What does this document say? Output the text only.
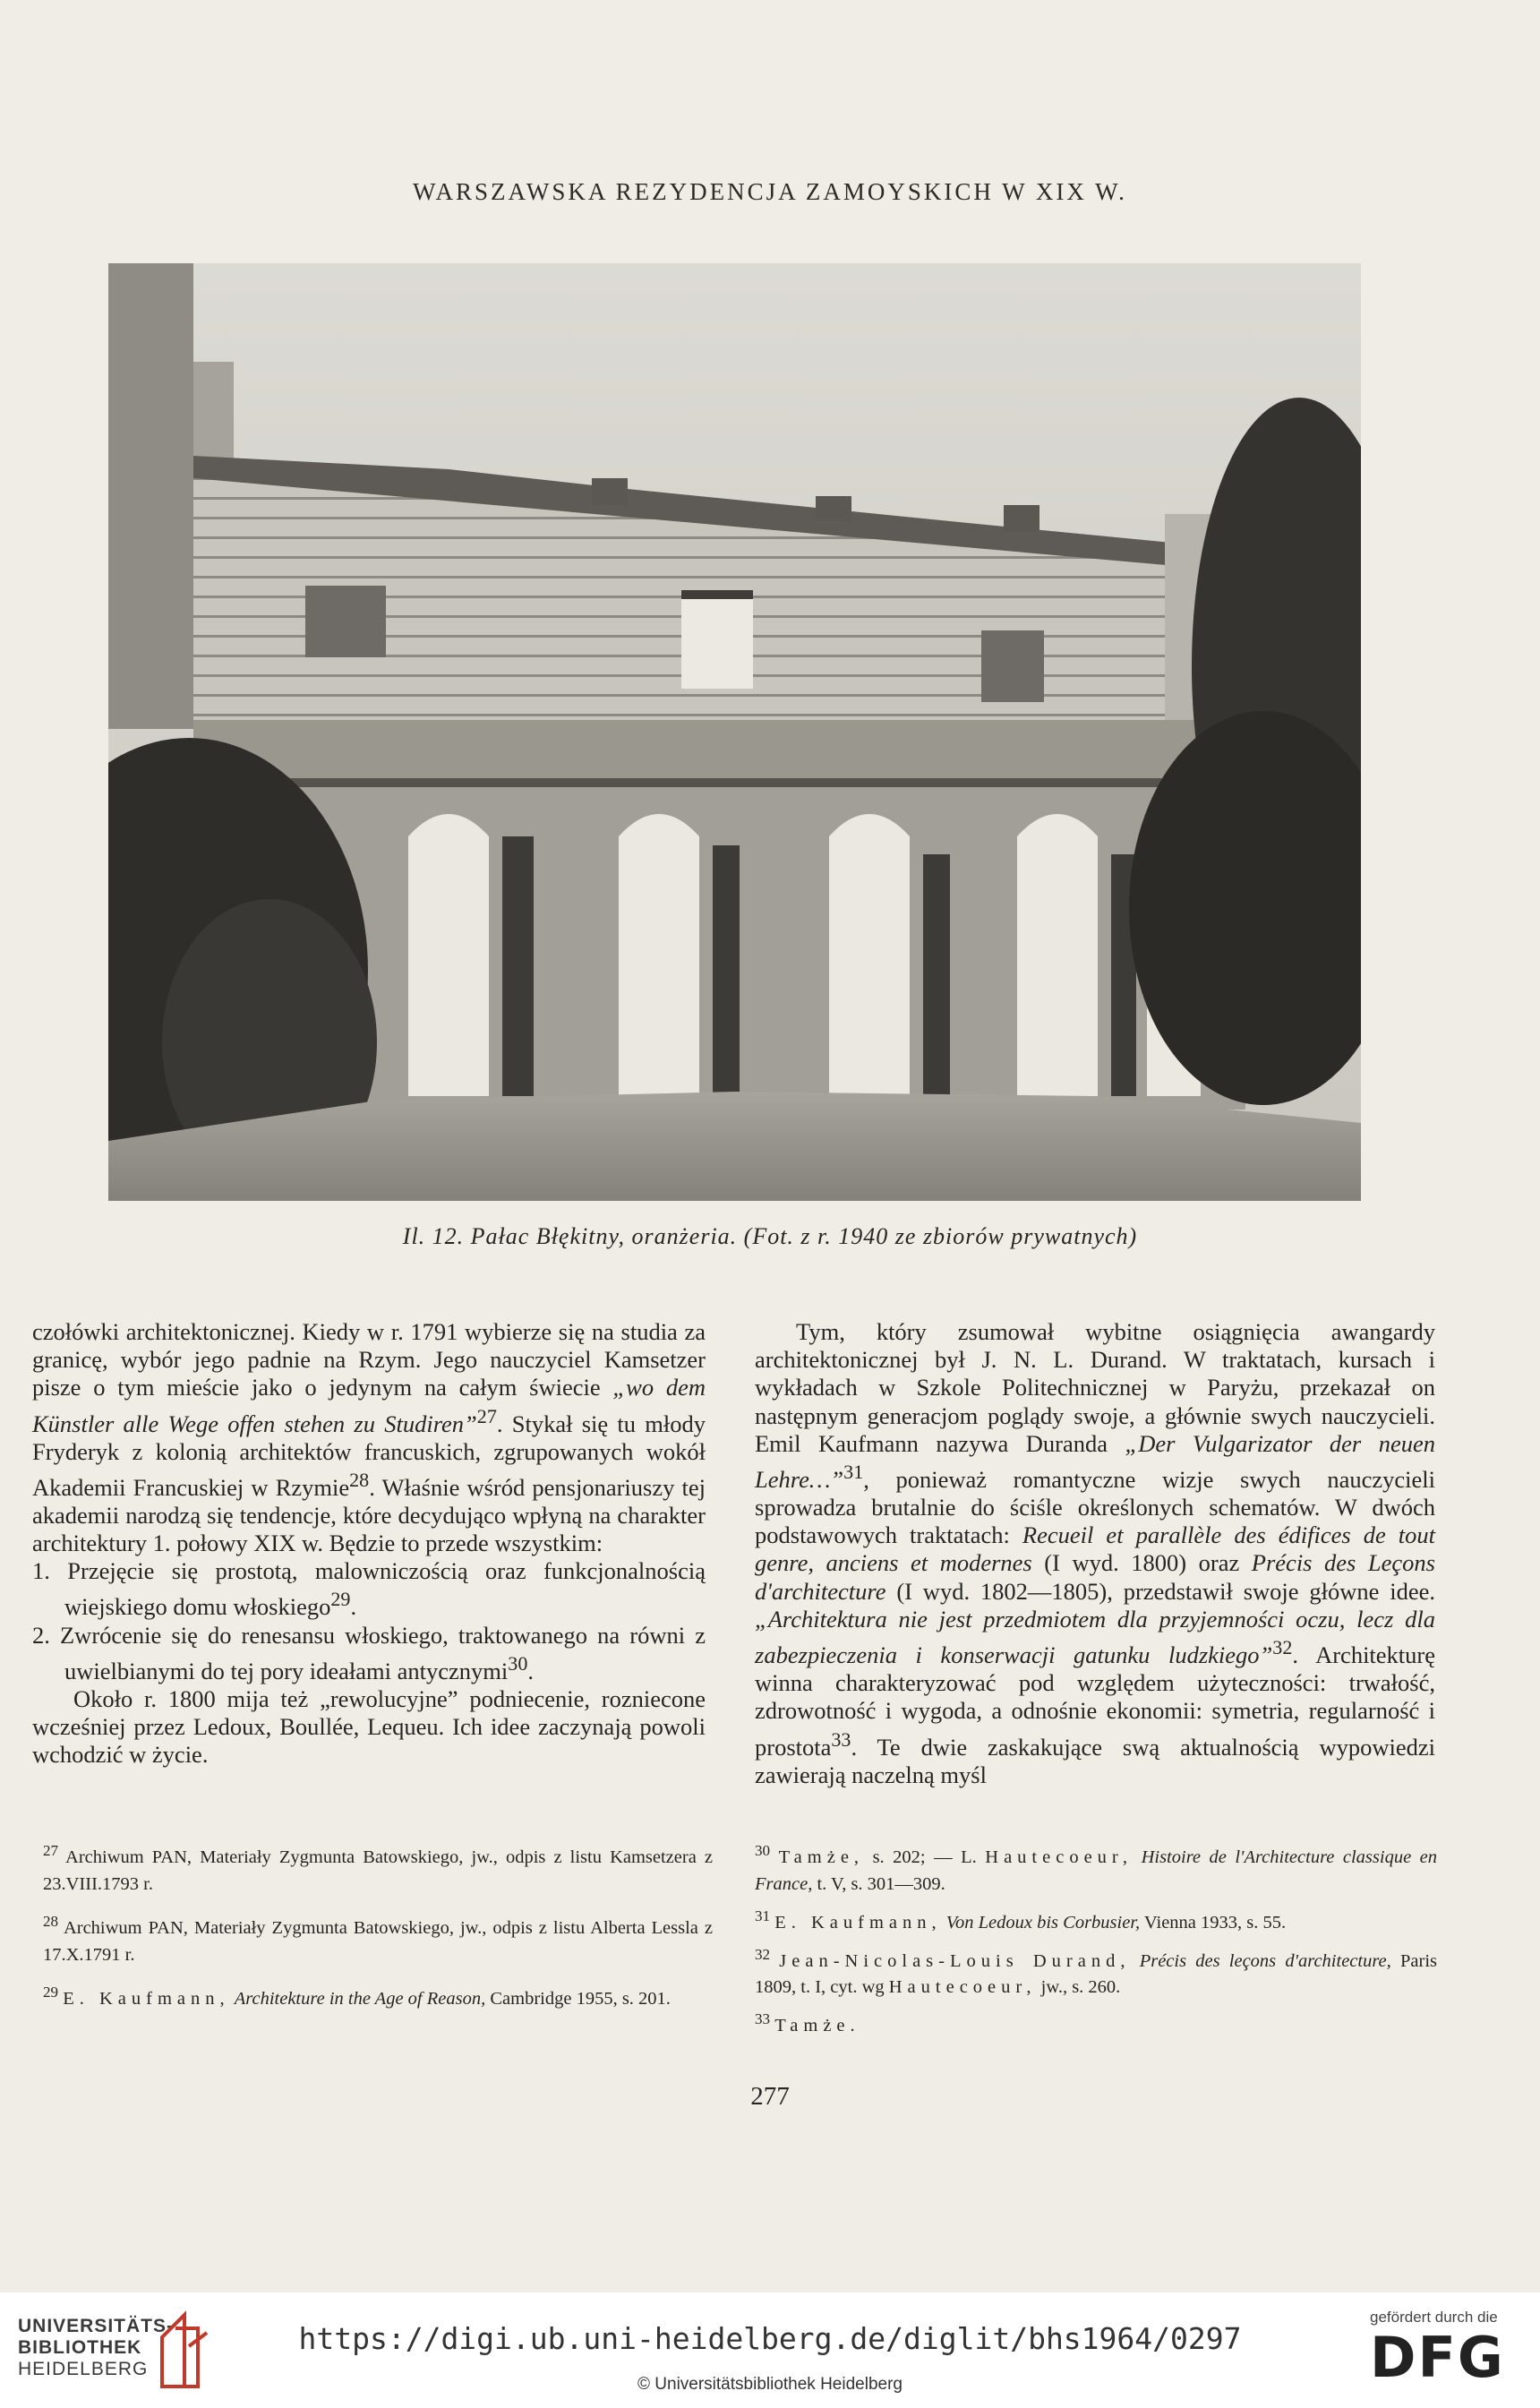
WARSZAWSKA REZYDENCJA ZAMOYSKICH W XIX W.
Il. 12. Pałac Błękitny, oranżeria. (Fot. z r. 1940 ze zbiorów prywatnych)

czołówki architektonicznej. Kiedy w r. 1791 wybierze się na studia za granicę, wybór jego padnie na Rzym. Jego nauczyciel Kamsetzer pisze o tym mieście jako o jedynym na całym świecie „wo dem Künstler alle Wege offen stehen zu Studiren”$^{27}$. Stykał się tu młody Fryderyk z kolonią architektów francuskich, zgrupowanych wokół Akademii Francuskiej w Rzymie$^{28}$. Właśnie wśród pensjonariuszy tej akademii narodzą się tendencje, które decydująco wpłyną na charakter architektury 1. połowy XIX w. Będzie to przede wszystkim:

1. Przejęcie się prostotą, malowniczością oraz funkcjonalnością wiejskiego domu włoskiego$^{29}$.

2. Zwrócenie się do renesansu włoskiego, traktowanego na równi z uwielbianymi do tej pory ideałami antycznymi$^{30}$.

Około r. 1800 mija też „rewolucyjne” podniecenie, rozniecone wcześniej przez Ledoux, Boullée, Lequeu. Ich idee zaczynają powoli wchodzić w życie.

Tym, który zsumował wybitne osiągnięcia awangardy architektonicznej był J. N. L. Durand. W traktatach, kursach i wykładach w Szkole Politechnicznej w Paryżu, przekazał on następnym generacjom poglądy swoje, a głównie swych nauczycieli. Emil Kaufmann nazywa Duranda „Der Vulgarizator der neuen Lehre…”$^{31}$, ponieważ romantyczne wizje swych nauczycieli sprowadza brutalnie do ściśle określonych schematów. W dwóch podstawowych traktatach: Recueil et parallèle des édifices de tout genre, anciens et modernes (I wyd. 1800) oraz Précis des Leçons d'architecture (I wyd. 1802—1805), przedstawił swoje główne idee. „Architektura nie jest przedmiotem dla przyjemności oczu, lecz dla zabezpieczenia i konserwacji gatunku ludzkiego”$^{32}$. Architekturę winna charakteryzować pod względem użyteczności: trwałość, zdrowotność i wygoda, a odnośnie ekonomii: symetria, regularność i prostota$^{33}$. Te dwie zaskakujące swą aktualnością wypowiedzi zawierają naczelną myśl

$^{27}$ Archiwum PAN, Materiały Zygmunta Batowskiego, jw., odpis z listu Kamsetzera z 23.VIII.1793 r.

$^{28}$ Archiwum PAN, Materiały Zygmunta Batowskiego, jw., odpis z listu Alberta Lessla z 17.X.1791 r.

$^{29}$ E. Kaufmann, Architekture in the Age of Reason, Cambridge 1955, s. 201.

$^{30}$ Tamże, s. 202; — L. Hautecoeur, Histoire de l'Architecture classique en France, t. V, s. 301—309.

$^{31}$ E. Kaufmann, Von Ledoux bis Corbusier, Vienna 1933, s. 55.

$^{32}$ Jean-Nicolas-Louis Durand, Précis des leçons d'architecture, Paris 1809, t. I, cyt. wg Hautecoeur, jw., s. 260.

$^{33}$ Tamże.

277
UNIVERSITÄTS-
BIBLIOTHEK
HEIDELBERG
https://digi.ub.uni-heidelberg.de/diglit/bhs1964/0297
© Universitätsbibliothek Heidelberg
gefördert durch die
DFG
